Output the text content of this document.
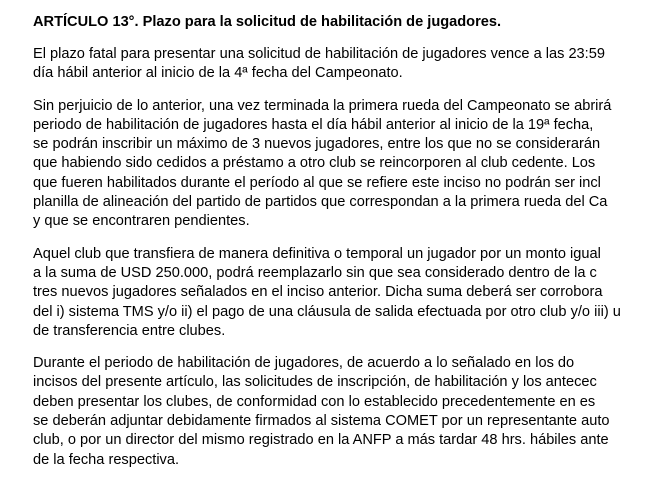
ARTÍCULO 13°. Plazo para la solicitud de habilitación de jugadores.
El plazo fatal para presentar una solicitud de habilitación de jugadores vence a las 23:59
día hábil anterior al inicio de la 4ª fecha del Campeonato.
Sin perjuicio de lo anterior, una vez terminada la primera rueda del Campeonato se abrirá
periodo de habilitación de jugadores hasta el día hábil anterior al inicio de la 19ª fecha,
se podrán inscribir un máximo de 3 nuevos jugadores, entre los que no se considerarán
que habiendo sido cedidos a préstamo a otro club se reincorporen al club cedente. Los
que fueren habilitados durante el período al que se refiere este inciso no podrán ser incl
planilla de alineación del partido de partidos que correspondan a la primera rueda del Ca
y que se encontraren pendientes.
Aquel club que transfiera de manera definitiva o temporal un jugador por un monto igual
a la suma de USD 250.000, podrá reemplazarlo sin que sea considerado dentro de la c
tres nuevos jugadores señalados en el inciso anterior. Dicha suma deberá ser corrobora
del i) sistema TMS y/o ii) el pago de una cláusula de salida efectuada por otro club y/o iii) u
de transferencia entre clubes.
Durante el periodo de habilitación de jugadores, de acuerdo a lo señalado en los do
incisos del presente artículo, las solicitudes de inscripción, de habilitación y los antecec
deben presentar los clubes, de conformidad con lo establecido precedentemente en es
se deberán adjuntar debidamente firmados al sistema COMET por un representante auto
club, o por un director del mismo registrado en la ANFP a más tardar 48 hrs. hábiles ante
de la fecha respectiva.
